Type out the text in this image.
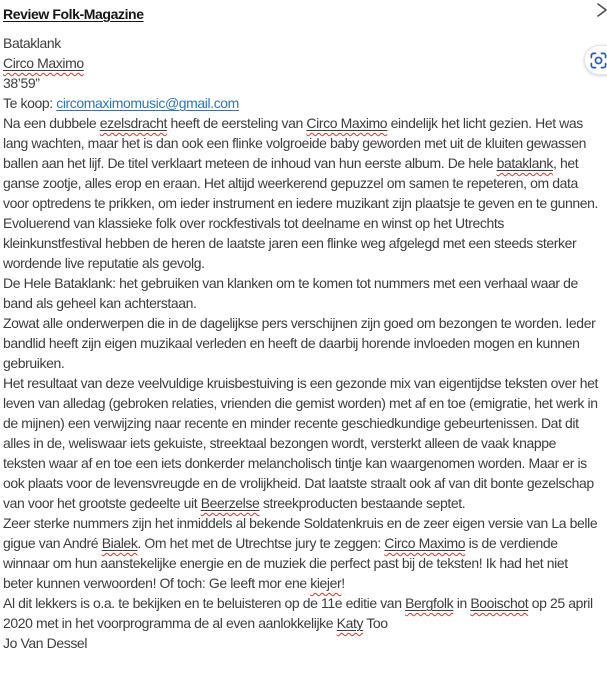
Review Folk-Magazine
Bataklank
Circo Maximo
38’59”
Te koop: circomaximomusic@gmail.com
Na een dubbele ezelsdracht heeft de eersteling van Circo Maximo eindelijk het licht gezien. Het was lang wachten, maar het is dan ook een flinke volgroeide baby geworden met uit de kluiten gewassen ballen aan het lijf. De titel verklaart meteen de inhoud van hun eerste album. De hele bataklank, het ganse zootje, alles erop en eraan. Het altijd weerkerend gepuzzel om samen te repeteren, om data voor optredens te prikken, om ieder instrument en iedere muzikant zijn plaatsje te geven en te gunnen. Evoluerend van klassieke folk over rockfestivals tot deelname en winst op het Utrechts kleinkunstfestival hebben de heren de laatste jaren een flinke weg afgelegd met een steeds sterker wordende live reputatie als gevolg.
De Hele Bataklank: het gebruiken van klanken om te komen tot nummers met een verhaal waar de band als geheel kan achterstaan.
Zowat alle onderwerpen die in de dagelijkse pers verschijnen zijn goed om bezongen te worden. Ieder bandlid heeft zijn eigen muzikaal verleden en heeft de daarbij horende invloeden mogen en kunnen gebruiken.
Het resultaat van deze veelvuldige kruisbestuiving is een gezonde mix van eigentijdse teksten over het leven van alledag (gebroken relaties, vrienden die gemist worden) met af en toe (emigratie, het werk in de mijnen) een verwijzing naar recente en minder recente geschiedkundige gebeurtenissen. Dat dit alles in de, weliswaar iets gekuiste, streektaal bezongen wordt, versterkt alleen de vaak knappe teksten waar af en toe een iets donkerder melancholisch tintje kan waargenomen worden. Maar er is ook plaats voor de levensvreugde en de vrolijkheid. Dat laatste straalt ook af van dit bonte gezelschap van voor het grootste gedeelte uit Beerzelse streekproducten bestaande septet.
Zeer sterke nummers zijn het inmiddels al bekende Soldatenkruis en de zeer eigen versie van La belle gigue van André Bialek. Om het met de Utrechtse jury te zeggen: Circo Maximo is de verdiende winnaar om hun aanstekelijke energie en de muziek die perfect past bij de teksten! Ik had het niet beter kunnen verwoorden! Of toch: Ge leeft mor ene kiejer!
Al dit lekkers is o.a. te bekijken en te beluisteren op de 11e editie van Bergfolk in Booischot op 25 april 2020 met in het voorprogramma de al even aanlokkelijke Katy Too
Jo Van Dessel
